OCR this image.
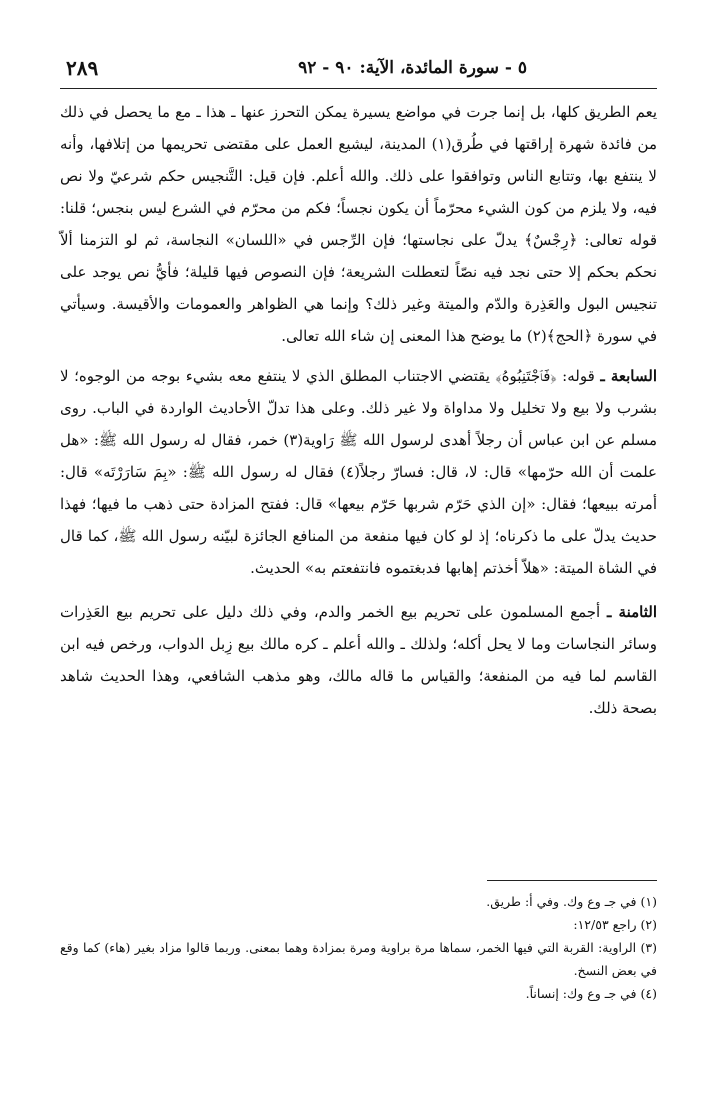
٥ - سورة المائدة، الآية: ٩٠ - ٩٢
٢٨٩

يعم الطريق كلها، بل إنما جرت في مواضع يسيرة يمكن التحرز عنها ـ هذا ـ مع ما يحصل في ذلك من فائدة شهرة إراقتها في طُرق(١) المدينة، ليشيع العمل على مقتضى تحريمها من إتلافها، وأنه لا ينتفع بها، وتتابع الناس وتوافقوا على ذلك. والله أعلم. فإن قيل: التَّنجيس حكم شرعيّ ولا نص فيه، ولا يلزم من كون الشيء محرّماً أن يكون نجساً؛ فكم من محرّم في الشرع ليس بنجس؛ قلنا: قوله تعالى: ﴿رِجْسٌ﴾ يدلّ على نجاستها؛ فإن الرِّجس في «اللسان» النجاسة، ثم لو التزمنا ألاّ نحكم بحكم إلا حتى نجد فيه نصّاً لتعطلت الشريعة؛ فإن النصوص فيها قليلة؛ فأيُّ نص يوجد على تنجيس البول والعَذِرة والدّم والميتة وغير ذلك؟ وإنما هي الظواهر والعمومات والأقيسة. وسيأتي في سورة ﴿الحج﴾(٢) ما يوضح هذا المعنى إن شاء الله تعالى.

السابعة ـ قوله: ﴿فَٱجْتَنِبُوهُ﴾ يقتضي الاجتناب المطلق الذي لا ينتفع معه بشيء بوجه من الوجوه؛ لا بشرب ولا بيع ولا تخليل ولا مداواة ولا غير ذلك. وعلى هذا تدلّ الأحاديث الواردة في الباب. روى مسلم عن ابن عباس أن رجلاً أهدى لرسول الله ﷺ رَاوية(٣) خمر، فقال له رسول الله ﷺ: «هل علمت أن الله حرّمها» قال: لا، قال: فسارّ رجلاً(٤) فقال له رسول الله ﷺ: «بِمَ سَارَرْتَه» قال: أمرته ببيعها؛ فقال: «إن الذي حَرّم شربها حَرّم بيعها» قال: ففتح المزادة حتى ذهب ما فيها؛ فهذا حديث يدلّ على ما ذكرناه؛ إذ لو كان فيها منفعة من المنافع الجائزة لبيّنه رسول الله ﷺ، كما قال في الشاة الميتة: «هلاّ أخذتم إهابها فدبغتموه فانتفعتم به» الحديث.

الثامنة ـ أجمع المسلمون على تحريم بيع الخمر والدم، وفي ذلك دليل على تحريم بيع العَذِرات وسائر النجاسات وما لا يحل أكله؛ ولذلك ـ والله أعلم ـ كره مالك بيع زِبل الدواب، ورخص فيه ابن القاسم لما فيه من المنفعة؛ والقياس ما قاله مالك، وهو مذهب الشافعي، وهذا الحديث شاهد بصحة ذلك.

(١) في جـ وع وك. وفي أ: طريق.

(٢) راجع ١٢/٥٣:

(٣) الراوية: القربة التي فيها الخمر، سماها مرة براوية ومرة بمزادة وهما بمعنى. وربما قالوا مزاد بغير (هاء) كما وقع في بعض النسخ.

(٤) في جـ وع وك: إنساناً.
